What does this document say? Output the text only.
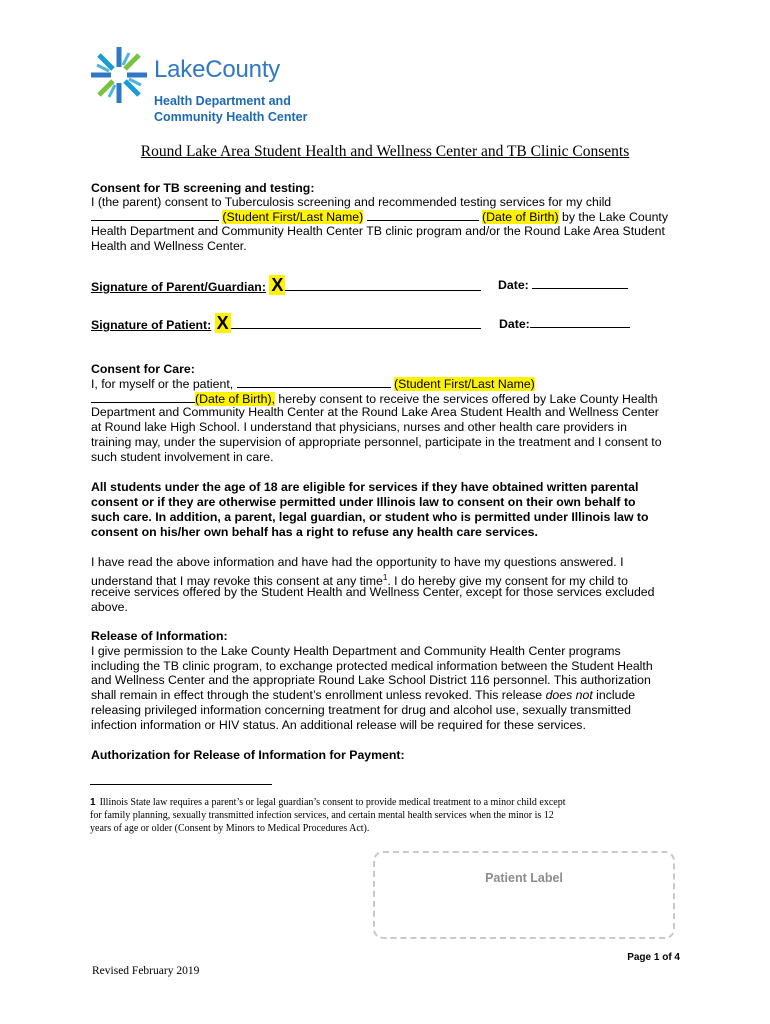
LakeCounty
Health Department and
Community Health Center
Round Lake Area Student Health and Wellness Center and TB Clinic Consents
Consent for TB screening and testing:
I (the parent) consent to Tuberculosis screening and recommended testing services for my child
(Student First/Last Name)	(Date of Birth) by the Lake County
Health Department and Community Health Center TB clinic program and/or the Round Lake Area Student
Health and Wellness Center.
Signature of Parent/Guardian: X	Date:
Signature of Patient: X	Date:
Consent for Care:
I, for myself or the patient,	(Student First/Last Name)
(Date of Birth), hereby consent to receive the services offered by Lake County Health
Department and Community Health Center at the Round Lake Area Student Health and Wellness Center
at Round lake High School. I understand that physicians, nurses and other health care providers in
training may, under the supervision of appropriate personnel, participate in the treatment and I consent to
such student involvement in care.
All students under the age of 18 are eligible for services if they have obtained written parental
consent or if they are otherwise permitted under Illinois law to consent on their own behalf to
such care. In addition, a parent, legal guardian, or student who is permitted under Illinois law to
consent on his/her own behalf has a right to refuse any health care services.
I have read the above information and have had the opportunity to have my questions answered. I
understand that I may revoke this consent at any time$^1$. I do hereby give my consent for my child to
receive services offered by the Student Health and Wellness Center, except for those services excluded
above.
Release of Information:
I give permission to the Lake County Health Department and Community Health Center programs
including the TB clinic program, to exchange protected medical information between the Student Health
and Wellness Center and the appropriate Round Lake School District 116 personnel. This authorization
shall remain in effect through the student’s enrollment unless revoked. This release does not include
releasing privileged information concerning treatment for drug and alcohol use, sexually transmitted
infection information or HIV status. An additional release will be required for these services.
Authorization for Release of Information for Payment:
1 Illinois State law requires a parent’s or legal guardian’s consent to provide medical treatment to a minor child except
for family planning, sexually transmitted infection services, and certain mental health services when the minor is 12
years of age or older (Consent by Minors to Medical Procedures Act).
Patient Label
Page 1 of 4
Revised February 2019
